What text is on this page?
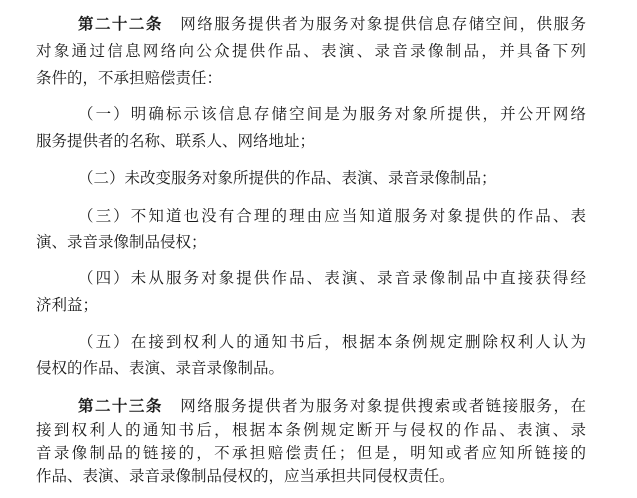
第二十二条 网络服务提供者为服务对象提供信息存储空间，供服务
对象通过信息网络向公众提供作品、表演、录音录像制品，并具备下列
条件的，不承担赔偿责任：
（一）明确标示该信息存储空间是为服务对象所提供，并公开网络
服务提供者的名称、联系人、网络地址；
（二）未改变服务对象所提供的作品、表演、录音录像制品；
（三）不知道也没有合理的理由应当知道服务对象提供的作品、表
演、录音录像制品侵权；
（四）未从服务对象提供作品、表演、录音录像制品中直接获得经
济利益；
（五）在接到权利人的通知书后，根据本条例规定删除权利人认为
侵权的作品、表演、录音录像制品。
第二十三条 网络服务提供者为服务对象提供搜索或者链接服务，在
接到权利人的通知书后，根据本条例规定断开与侵权的作品、表演、录
音录像制品的链接的，不承担赔偿责任；但是，明知或者应知所链接的
作品、表演、录音录像制品侵权的，应当承担共同侵权责任。
